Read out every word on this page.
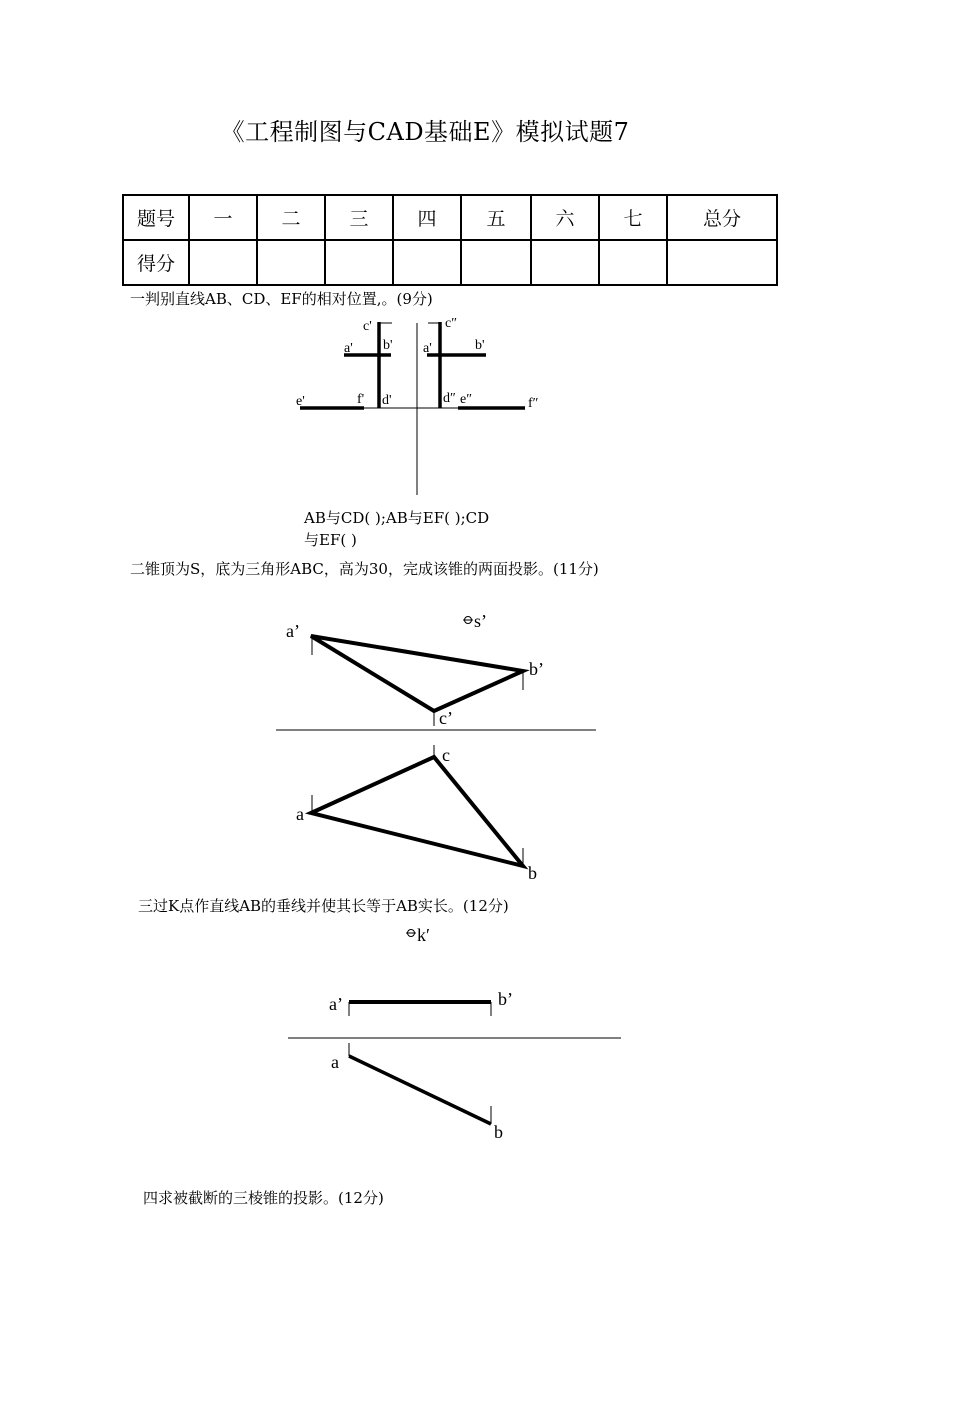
《工程制图与CAD基础E》模拟试题7
题号	一	二	三	四	五	六	七	总分
得分								
一判别直线AB、CD、EF的相对位置,。(9分)
AB与CD( );AB与EF( );CD
与EF( )
二锥顶为S，底为三角形ABC，高为30，完成该锥的两面投影。(11分)
三过K点作直线AB的垂线并使其长等于AB实长。(12分)
四求被截断的三棱锥的投影。(12分)
c'
a' b'
e'	f' d'
c″
a'	b'
d″ e″	f″
a’	s’
b’
c’
c
a
b
k′
a’	b’
a
b
